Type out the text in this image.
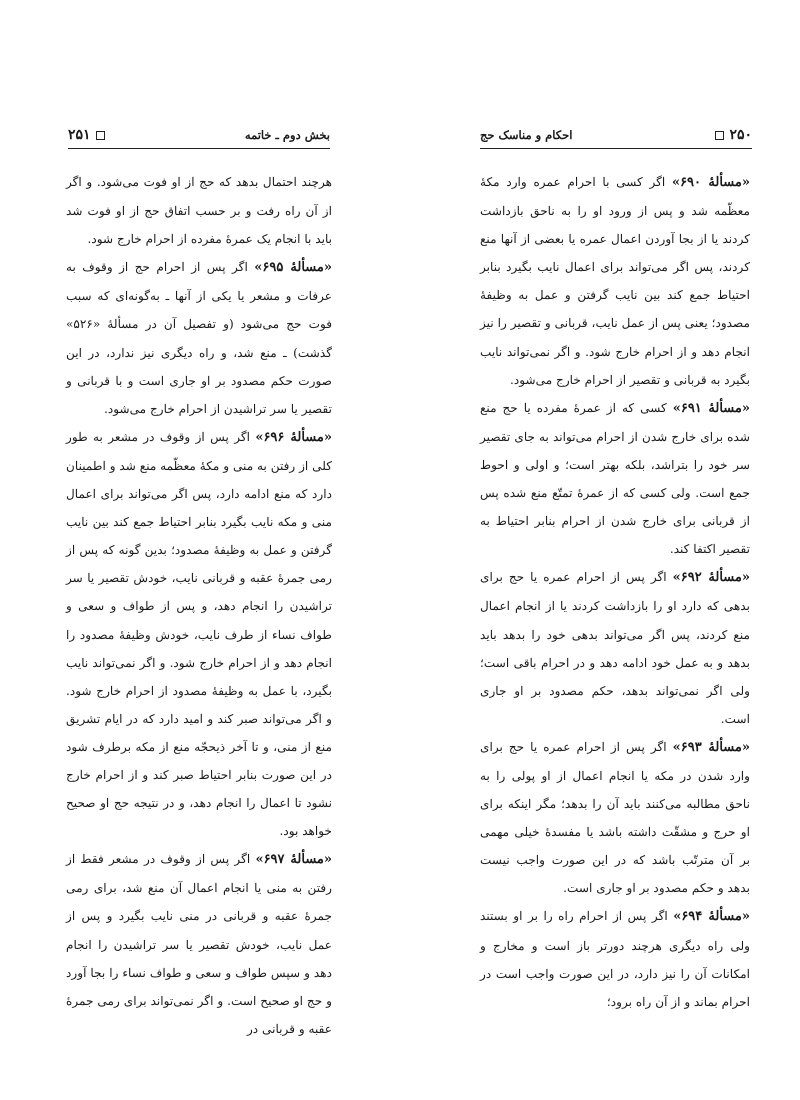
۲۵۱	بخش دوم ـ خاتمه

هرچند احتمال بدهد که حج از او فوت می‌شود. و اگر از آن راه رفت و بر حسب اتفاق حج از او فوت شد باید با انجام یک عمرۀ مفرده از احرام خارج شود.

«مسألۀ ۶۹۵» اگر پس از احرام حج از وقوف به عرفات و مشعر یا یکی از آنها ـ به‌گونه‌ای که سبب فوت حج می‌شود (و تفصیل آن در مسألۀ «۵۲۶» گذشت) ـ منع شد، و راه دیگری نیز ندارد، در این صورت حکم مصدود بر او جاری است و با قربانی و تقصیر یا سر تراشیدن از احرام خارج می‌شود.

«مسألۀ ۶۹۶» اگر پس از وقوف در مشعر به طور کلی از رفتن به منی و مکۀ معظّمه منع شد و اطمینان دارد که منع ادامه دارد، پس اگر می‌تواند برای اعمال منی و مکه نایب بگیرد بنابر احتیاط جمع کند بین نایب گرفتن و عمل به وظیفۀ مصدود؛ بدین گونه که پس از رمی جمرۀ عقبه و قربانی نایب، خودش تقصیر یا سر تراشیدن را انجام دهد، و پس از طواف و سعی و طواف نساء از طرف نایب، خودش وظیفۀ مصدود را انجام دهد و از احرام خارج شود. و اگر نمی‌تواند نایب بگیرد، با عمل به وظیفۀ مصدود از احرام خارج شود. و اگر می‌تواند صبر کند و امید دارد که در ایام تشریق منع از منی، و تا آخر ذیحجّه منع از مکه برطرف شود در این صورت بنابر احتیاط صبر کند و از احرام خارج نشود تا اعمال را انجام دهد، و در نتیجه حج او صحیح خواهد بود.

«مسألۀ ۶۹۷» اگر پس از وقوف در مشعر فقط از رفتن به منی یا انجام اعمال آن منع شد، برای رمی جمرۀ عقبه و قربانی در منی نایب بگیرد و پس از عمل نایب، خودش تقصیر یا سر تراشیدن را انجام دهد و سپس طواف و سعی و طواف نساء را بجا آورد و حج او صحیح است. و اگر نمی‌تواند برای رمی جمرۀ عقبه و قربانی در

احکام و مناسک حج	۲۵۰

«مسألۀ ۶۹۰» اگر کسی با احرام عمره وارد مکۀ معظّمه شد و پس از ورود او را به ناحق بازداشت کردند یا از بجا آوردن اعمال عمره یا بعضی از آنها منع کردند، پس اگر می‌تواند برای اعمال نایب بگیرد بنابر احتیاط جمع کند بین نایب گرفتن و عمل به وظیفۀ مصدود؛ یعنی پس از عمل نایب، قربانی و تقصیر را نیز انجام دهد و از احرام خارج شود. و اگر نمی‌تواند نایب بگیرد به قربانی و تقصیر از احرام خارج می‌شود.

«مسألۀ ۶۹۱» کسی که از عمرۀ مفرده یا حج منع شده برای خارج شدن از احرام می‌تواند به جای تقصیر سر خود را بتراشد، بلکه بهتر است؛ و اولی و احوط جمع است. ولی کسی که از عمرۀ تمتّع منع شده پس از قربانی برای خارج شدن از احرام بنابر احتیاط به تقصیر اکتفا کند.

«مسألۀ ۶۹۲» اگر پس از احرام عمره یا حج برای بدهی که دارد او را بازداشت کردند یا از انجام اعمال منع کردند، پس اگر می‌تواند بدهی خود را بدهد باید بدهد و به عمل خود ادامه دهد و در احرام باقی است؛ ولی اگر نمی‌تواند بدهد، حکم مصدود بر او جاری است.

«مسألۀ ۶۹۳» اگر پس از احرام عمره یا حج برای وارد شدن در مکه یا انجام اعمال از او پولی را به ناحق مطالبه می‌کنند باید آن را بدهد؛ مگر اینکه برای او حرج و مشقّت داشته باشد یا مفسدۀ خیلی مهمی بر آن مترتّب باشد که در این صورت واجب نیست بدهد و حکم مصدود بر او جاری است.

«مسألۀ ۶۹۴» اگر پس از احرام راه را بر او بستند ولی راه دیگری هرچند دورتر باز است و مخارج و امکانات آن را نیز دارد، در این صورت واجب است در احرام بماند و از آن راه برود؛
